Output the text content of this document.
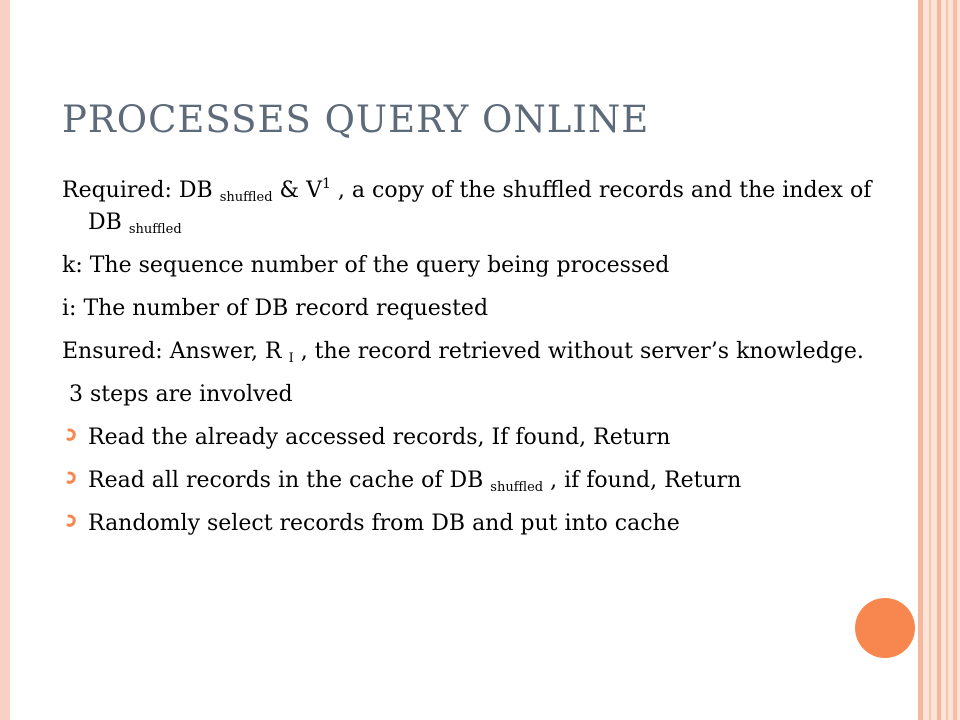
PROCESSES QUERY ONLINE

Required: DB $_{shuffled}$ & $V^1$ , a copy of the shuffled records and the index of DB $_{shuffled}$

k: The sequence number of the query being processed

i: The number of DB record requested

Ensured: Answer, R $_I$ , the record retrieved without server’s knowledge.

3 steps are involved

Read the already accessed records, If found, Return
Read all records in the cache of DB $_{shuffled}$ , if found, Return
Randomly select records from DB and put into cache
